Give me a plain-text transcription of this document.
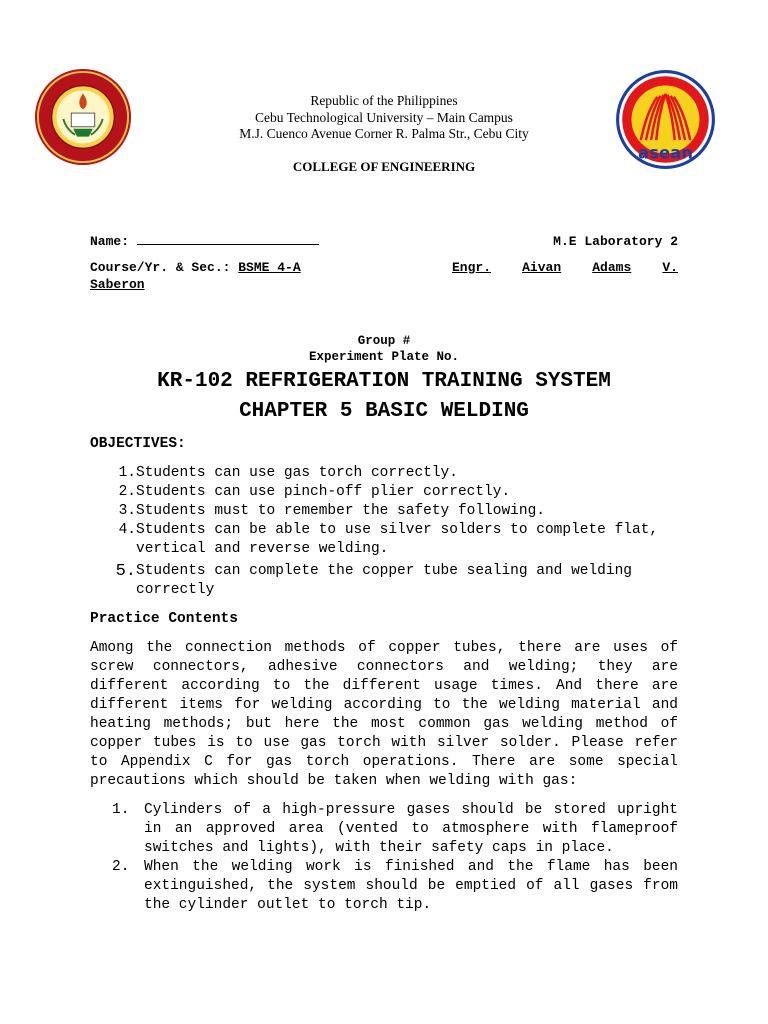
asean
Republic of the Philippines
Cebu Technological University – Main Campus
M.J. Cuenco Avenue Corner R. Palma Str., Cebu City
COLLEGE OF ENGINEERING
Name:	M.E Laboratory 2
Course/Yr. & Sec.: BSME 4-A	Engr. Aivan Adams V.
Saberon
Group #
Experiment Plate No.
KR-102 REFRIGERATION TRAINING SYSTEM
CHAPTER 5 BASIC WELDING
OBJECTIVES:
1. Students can use gas torch correctly.
2. Students can use pinch-off plier correctly.
3. Students must to remember the safety following.
4. Students can be able to use silver solders to complete flat, vertical and reverse welding.
5. Students can complete the copper tube sealing and welding correctly
Practice Contents
Among the connection methods of copper tubes, there are uses of screw connectors, adhesive connectors and welding; they are different according to the different usage times. And there are different items for welding according to the welding material and heating methods; but here the most common gas welding method of copper tubes is to use gas torch with silver solder. Please refer to Appendix C for gas torch operations. There are some special precautions which should be taken when welding with gas:
1.	Cylinders of a high-pressure gases should be stored upright in an approved area (vented to atmosphere with flameproof switches and lights), with their safety caps in place.
2.	When the welding work is finished and the flame has been extinguished, the system should be emptied of all gases from the cylinder outlet to torch tip.
